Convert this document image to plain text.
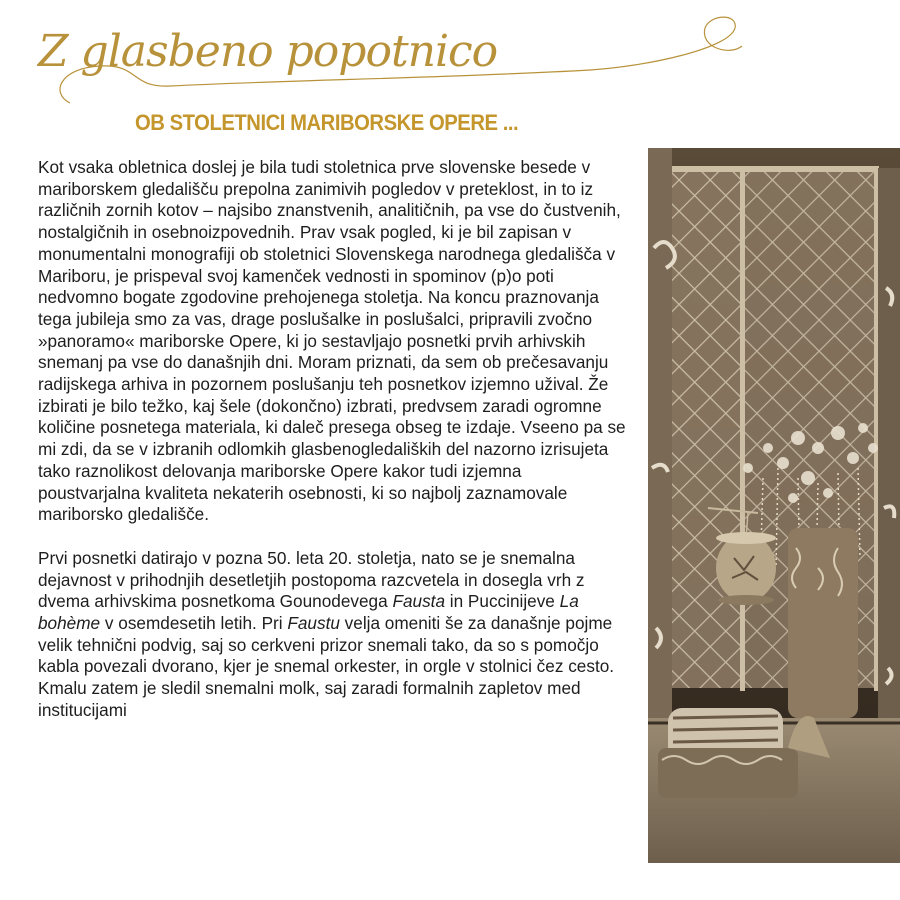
Z glasbeno popotnico
OB STOLETNICI MARIBORSKE OPERE ...

Kot vsaka obletnica doslej je bila tudi stoletnica prve slovenske besede v mariborskem gledališču prepolna zanimivih pogledov v preteklost, in to iz različnih zornih kotov – najsibo znanstvenih, analitičnih, pa vse do čustvenih, nostalgičnih in osebnoizpovednih. Prav vsak pogled, ki je bil zapisan v monumentalni monografiji ob stoletnici Slovenskega narodnega gledališča v Mariboru, je prispeval svoj kamenček vednosti in spominov (p)o poti nedvomno bogate zgodovine prehojenega stoletja. Na koncu praznovanja tega jubileja smo za vas, drage poslušalke in poslušalci, pripravili zvočno »panoramo« mariborske Opere, ki jo sestavljajo posnetki prvih arhivskih snemanj pa vse do današnjih dni. Moram priznati, da sem ob prečesavanju radijskega arhiva in pozornem poslušanju teh posnetkov izjemno užival. Že izbirati je bilo težko, kaj šele (dokončno) izbrati, predvsem zaradi ogromne količine posnetega materiala, ki daleč presega obseg te izdaje. Vseeno pa se mi zdi, da se v izbranih odlomkih glasbenogledaliških del nazorno izrisujeta tako raznolikost delovanja mariborske Opere kakor tudi izjemna poustvarjalna kvaliteta nekaterih osebnosti, ki so najbolj zaznamovale mariborsko gledališče.

Prvi posnetki datirajo v pozna 50. leta 20. stoletja, nato se je snemalna dejavnost v prihodnjih desetletjih postopoma razcvetela in dosegla vrh z dvema arhivskima posnetkoma Gounodevega Fausta in Puccinijeve La bohème v osemdesetih letih. Pri Faustu velja omeniti še za današnje pojme velik tehnični podvig, saj so cerkveni prizor snemali tako, da so s pomočjo kabla povezali dvorano, kjer je snemal orkester, in orgle v stolnici čez cesto. Kmalu zatem je sledil snemalni molk, saj zaradi formalnih zapletov med institucijami
